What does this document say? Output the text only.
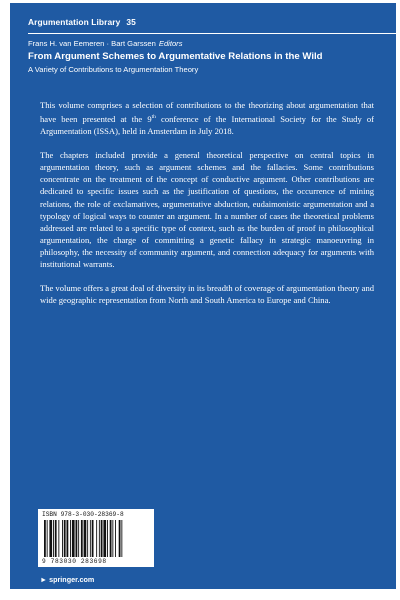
Argumentation Library 35
Frans H. van Eemeren · Bart Garssen Editors
From Argument Schemes to Argumentative Relations in the Wild
A Variety of Contributions to Argumentation Theory

This volume comprises a selection of contributions to the theorizing about argumentation that have been presented at the 9th conference of the International Society for the Study of Argumentation (ISSA), held in Amsterdam in July 2018.

The chapters included provide a general theoretical perspective on central topics in argumentation theory, such as argument schemes and the fallacies. Some contributions concentrate on the treatment of the concept of conductive argument. Other contributions are dedicated to specific issues such as the justification of questions, the occurrence of mining relations, the role of exclamatives, argumentative abduction, eudaimonistic argumentation and a typology of logical ways to counter an argument. In a number of cases the theoretical problems addressed are related to a specific type of context, such as the burden of proof in philosophical argumentation, the charge of committing a genetic fallacy in strategic manoeuvring in philosophy, the necessity of community argument, and connection adequacy for arguments with institutional warrants.

The volume offers a great deal of diversity in its breadth of coverage of argumentation theory and wide geographic representation from North and South America to Europe and China.

ISBN 978-3-030-28369-8
9 783030 283698
► springer.com
